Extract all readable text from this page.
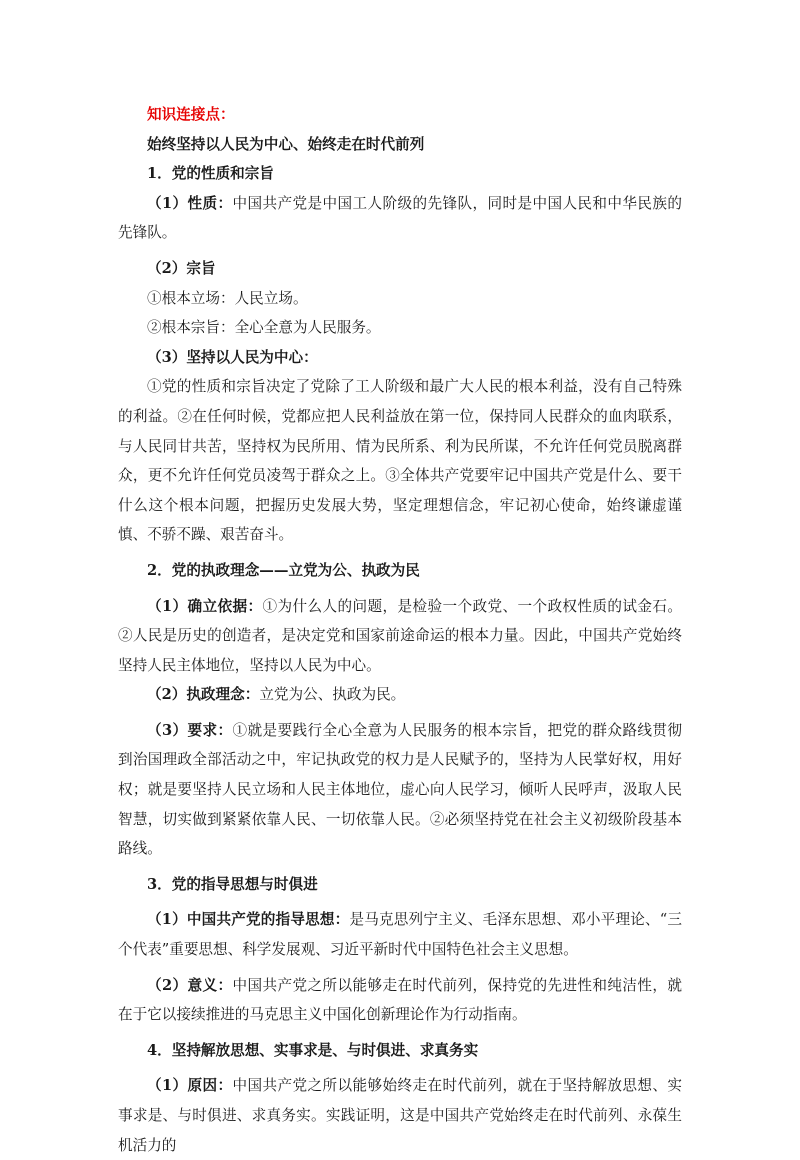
知识连接点：

始终坚持以人民为中心、始终走在时代前列

1．党的性质和宗旨

（1）性质：中国共产党是中国工人阶级的先锋队，同时是中国人民和中华民族的先锋队。

（2）宗旨

①根本立场：人民立场。

②根本宗旨：全心全意为人民服务。

（3）坚持以人民为中心：

①党的性质和宗旨决定了党除了工人阶级和最广大人民的根本利益，没有自己特殊的利益。②在任何时候，党都应把人民利益放在第一位，保持同人民群众的血肉联系，与人民同甘共苦，坚持权为民所用、情为民所系、利为民所谋，不允许任何党员脱离群众，更不允许任何党员凌驾于群众之上。③全体共产党要牢记中国共产党是什么、要干什么这个根本问题，把握历史发展大势，坚定理想信念，牢记初心使命，始终谦虚谨慎、不骄不躁、艰苦奋斗。

2．党的执政理念——立党为公、执政为民

（1）确立依据：①为什么人的问题，是检验一个政党、一个政权性质的试金石。②人民是历史的创造者，是决定党和国家前途命运的根本力量。因此，中国共产党始终坚持人民主体地位，坚持以人民为中心。

（2）执政理念：立党为公、执政为民。

（3）要求：①就是要践行全心全意为人民服务的根本宗旨，把党的群众路线贯彻到治国理政全部活动之中，牢记执政党的权力是人民赋予的，坚持为人民掌好权，用好权；就是要坚持人民立场和人民主体地位，虚心向人民学习，倾听人民呼声，汲取人民智慧，切实做到紧紧依靠人民、一切依靠人民。②必须坚持党在社会主义初级阶段基本路线。

3．党的指导思想与时俱进

（1）中国共产党的指导思想：是马克思列宁主义、毛泽东思想、邓小平理论、“三个代表”重要思想、科学发展观、习近平新时代中国特色社会主义思想。

（2）意义：中国共产党之所以能够走在时代前列，保持党的先进性和纯洁性，就在于它以接续推进的马克思主义中国化创新理论作为行动指南。

4．坚持解放思想、实事求是、与时俱进、求真务实

（1）原因：中国共产党之所以能够始终走在时代前列，就在于坚持解放思想、实事求是、与时俱进、求真务实。实践证明，这是中国共产党始终走在时代前列、永葆生机活力的
